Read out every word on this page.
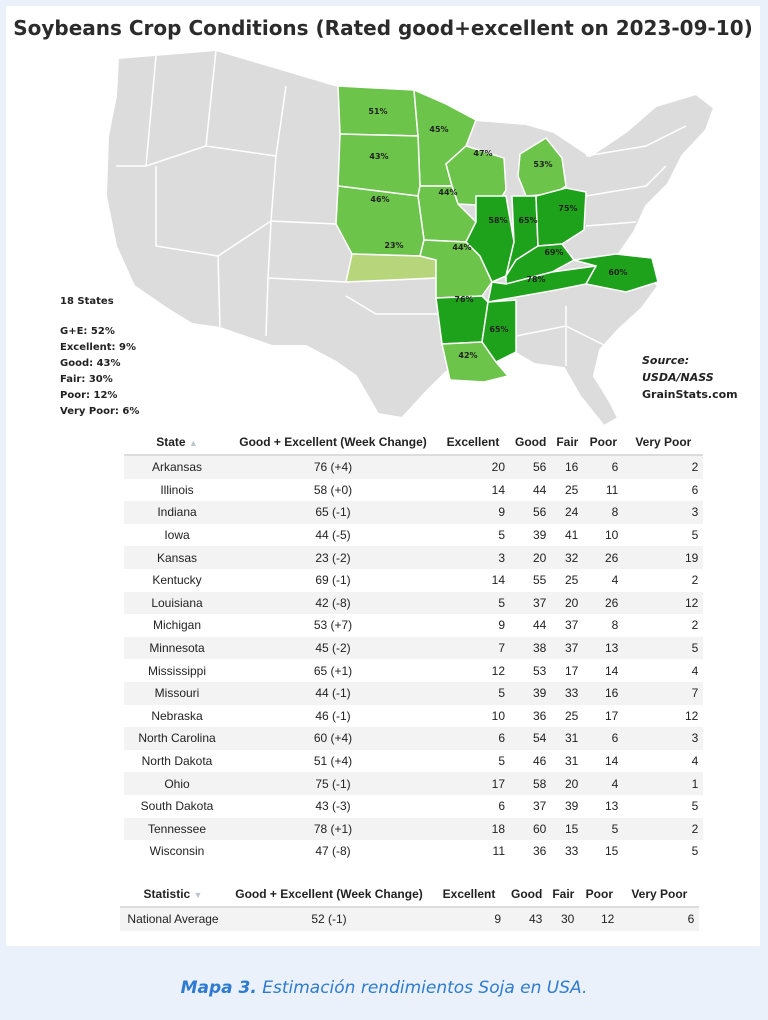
Soybeans Crop Conditions (Rated good+excellent on 2023-09-10)
51%
45%
47%
53%
43%
44%
46%
58% 65%
75%
23%	44%
69%
78%
60%
76%
65%
42%
18 States
G+E: 52%
Excellent: 9%
Good: 43%
Fair: 30%
Poor: 12%
Very Poor: 6%
Source: USDA/NASS
GrainStats.com
State ▲	Good + Excellent (Week Change)	Excellent	Good	Fair	Poor	Very Poor
Arkansas	76 (+4)	20	56	16	6	2
Illinois	58 (+0)	14	44	25	11	6
Indiana	65 (-1)	9	56	24	8	3
Iowa	44 (-5)	5	39	41	10	5
Kansas	23 (-2)	3	20	32	26	19
Kentucky	69 (-1)	14	55	25	4	2
Louisiana	42 (-8)	5	37	20	26	12
Michigan	53 (+7)	9	44	37	8	2
Minnesota	45 (-2)	7	38	37	13	5
Mississippi	65 (+1)	12	53	17	14	4
Missouri	44 (-1)	5	39	33	16	7
Nebraska	46 (-1)	10	36	25	17	12
North Carolina	60 (+4)	6	54	31	6	3
North Dakota	51 (+4)	5	46	31	14	4
Ohio	75 (-1)	17	58	20	4	1
South Dakota	43 (-3)	6	37	39	13	5
Tennessee	78 (+1)	18	60	15	5	2
Wisconsin	47 (-8)	11	36	33	15	5
Statistic ▼	Good + Excellent (Week Change)	Excellent	Good	Fair	Poor	Very Poor
National Average	52 (-1)	9	43	30	12	6
Mapa 3. Estimación rendimientos Soja en USA.
